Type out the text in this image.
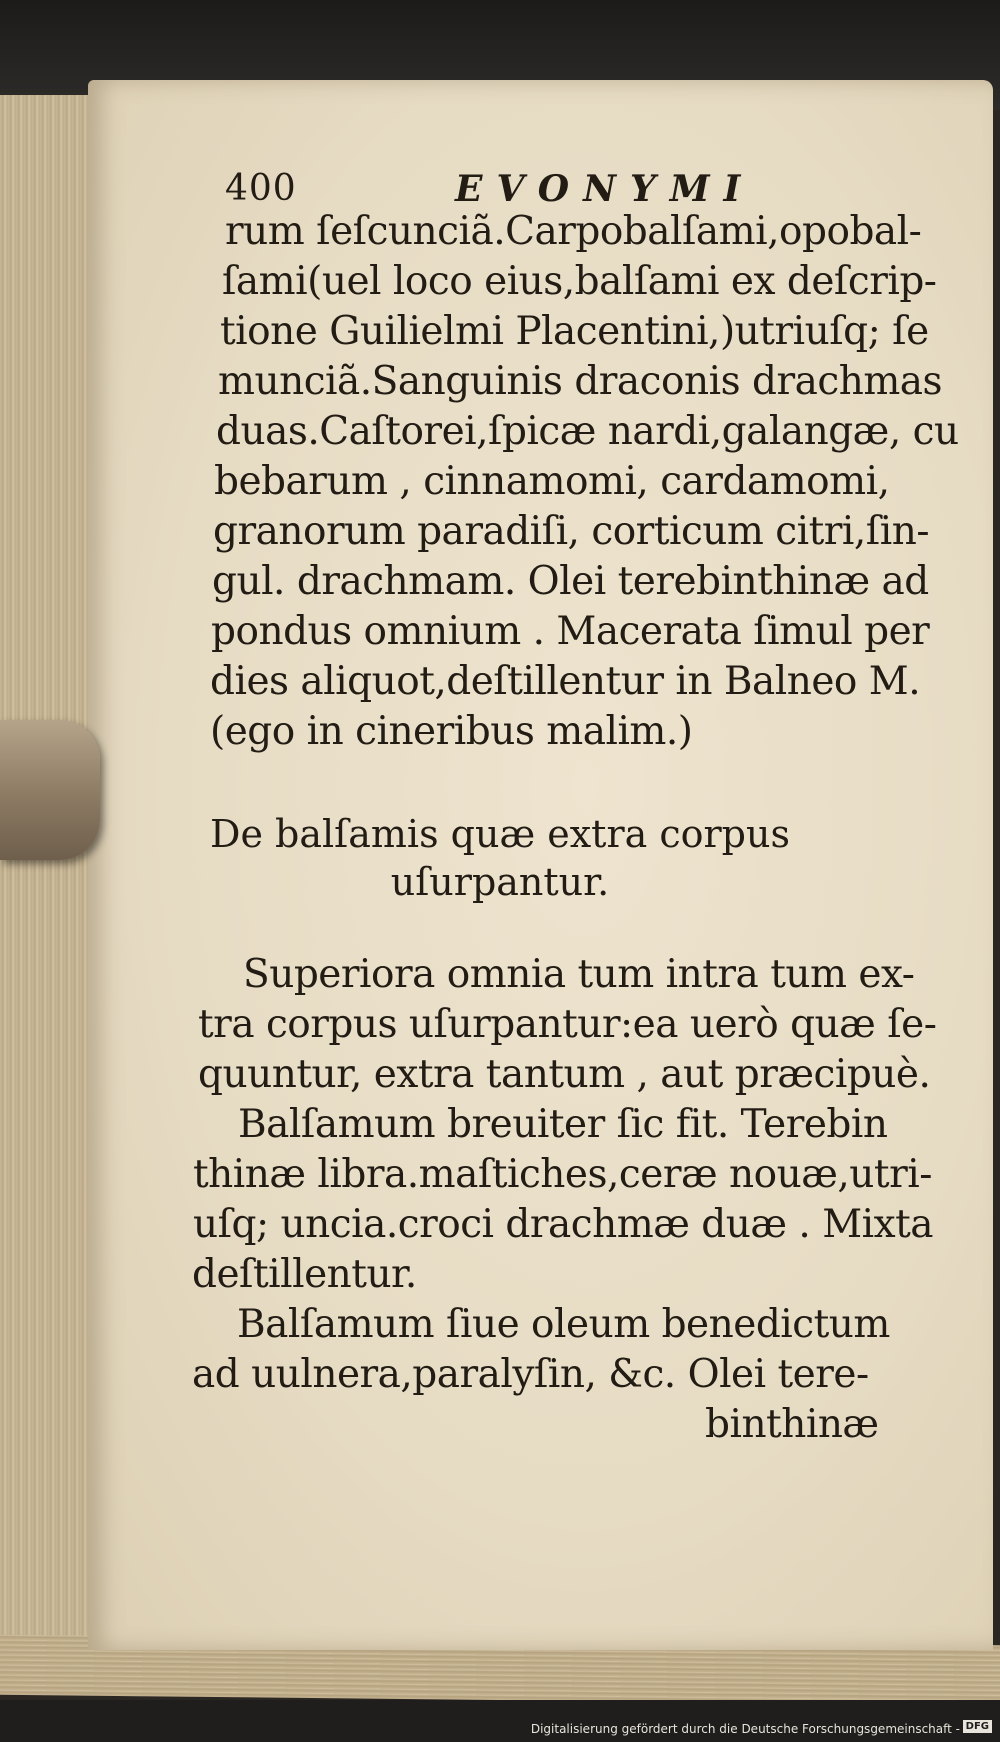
400	EVONYMI
rum ſeſcunciã.Carpobalſami,opobal-
ſami(uel loco eius,balſami ex deſcrip-
tione Guilielmi Placentini,)utriuſq; ſe
munciã.Sanguinis draconis drachmas
duas.Caſtorei,ſpicæ nardi,galangæ, cu
bebarum , cinnamomi, cardamomi,
granorum paradiſi, corticum citri,ſin-
gul. drachmam. Olei terebinthinæ ad
pondus omnium . Macerata ſimul per
dies aliquot,deſtillentur in Balneo M.
(ego in cineribus malim.)
De balſamis quæ extra corpus
uſurpantur.
Superiora omnia tum intra tum ex-
tra corpus uſurpantur:ea uerò quæ ſe-
quuntur, extra tantum , aut præcipuè.
Balſamum breuiter ſic fit. Terebin
thinæ libra.maſtiches,ceræ nouæ,utri-
uſq; uncia.croci drachmæ duæ . Mixta
deſtillentur.
Balſamum ſiue oleum benedictum
ad uulnera,paralyſin, &c. Olei tere-
binthinæ
Digitalisierung gefördert durch die Deutsche Forschungsgemeinschaft - DFG
